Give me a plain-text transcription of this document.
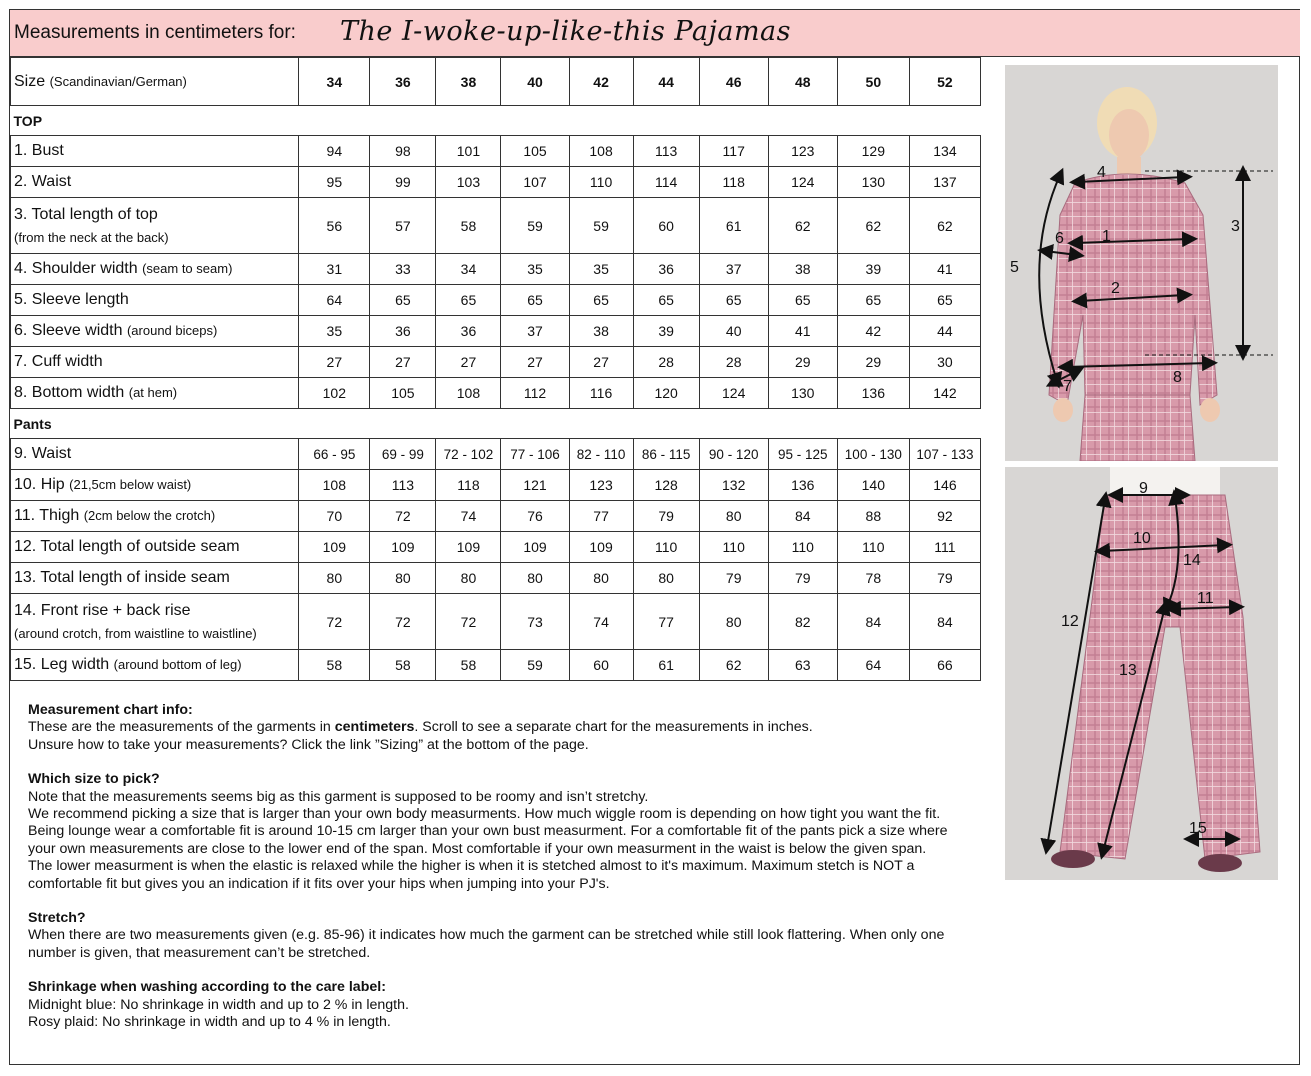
Measurements in centimeters for: The I-woke-up-like-this Pajamas
Size (Scandinavian/German)	34	36	38	40	42	44	46	48	50	52
TOP										
1. Bust	94	98	101	105	108	113	117	123	129	134
2. Waist	95	99	103	107	110	114	118	124	130	137
3. Total length of top
(from the neck at the back)	56	57	58	59	59	60	61	62	62	62
4. Shoulder width (seam to seam)	31	33	34	35	35	36	37	38	39	41
5. Sleeve length	64	65	65	65	65	65	65	65	65	65
6. Sleeve width (around biceps)	35	36	36	37	38	39	40	41	42	44
7. Cuff width	27	27	27	27	27	28	28	29	29	30
8. Bottom width (at hem)	102	105	108	112	116	120	124	130	136	142
Pants										
9. Waist	66 - 95	69 - 99	72 - 102	77 - 106	82 - 110	86 - 115	90 - 120	95 - 125	100 - 130	107 - 133
10. Hip (21,5cm below waist)	108	113	118	121	123	128	132	136	140	146
11. Thigh (2cm below the crotch)	70	72	74	76	77	79	80	84	88	92
12. Total length of outside seam	109	109	109	109	109	110	110	110	110	111
13. Total length of inside seam	80	80	80	80	80	80	79	79	78	79
14. Front rise + back rise
(around crotch, from waistline to waistline)	72	72	72	73	74	77	80	82	84	84
15. Leg width (around bottom of leg)	58	58	58	59	60	61	62	63	64	66

Measurement chart info:

These are the measurements of the garments in centimeters. Scroll to see a separate chart for the measurements in inches.

Unsure how to take your measurements? Click the link ”Sizing” at the bottom of the page.

Which size to pick?

Note that the measurements seems big as this garment is supposed to be roomy and isn’t stretchy.

We recommend picking a size that is larger than your own body measurments. How much wiggle room is depending on how tight you want the fit. Being lounge wear a comfortable fit is around 10-15 cm larger than your own bust measurment. For a comfortable fit of the pants pick a size where your own measurements are close to the lower end of the span. Most comfortable if your own measurment in the waist is below the given span. The lower measurment is when the elastic is relaxed while the higher is when it is stetched almost to it's maximum. Maximum stetch is NOT a comfortable fit but gives you an indication if it fits over your hips when jumping into your PJ's.

Stretch?

When there are two measurements given (e.g. 85-96) it indicates how much the garment can be stretched while still look flattering. When only one number is given, that measurement can’t be stretched.

Shrinkage when washing according to the care label:

Midnight blue: No shrinkage in width and up to 2 % in length.

Rosy plaid: No shrinkage in width and up to 4 % in length.

4
1
6
2
3
5
7
8
9
10
11
12
13
14
15
